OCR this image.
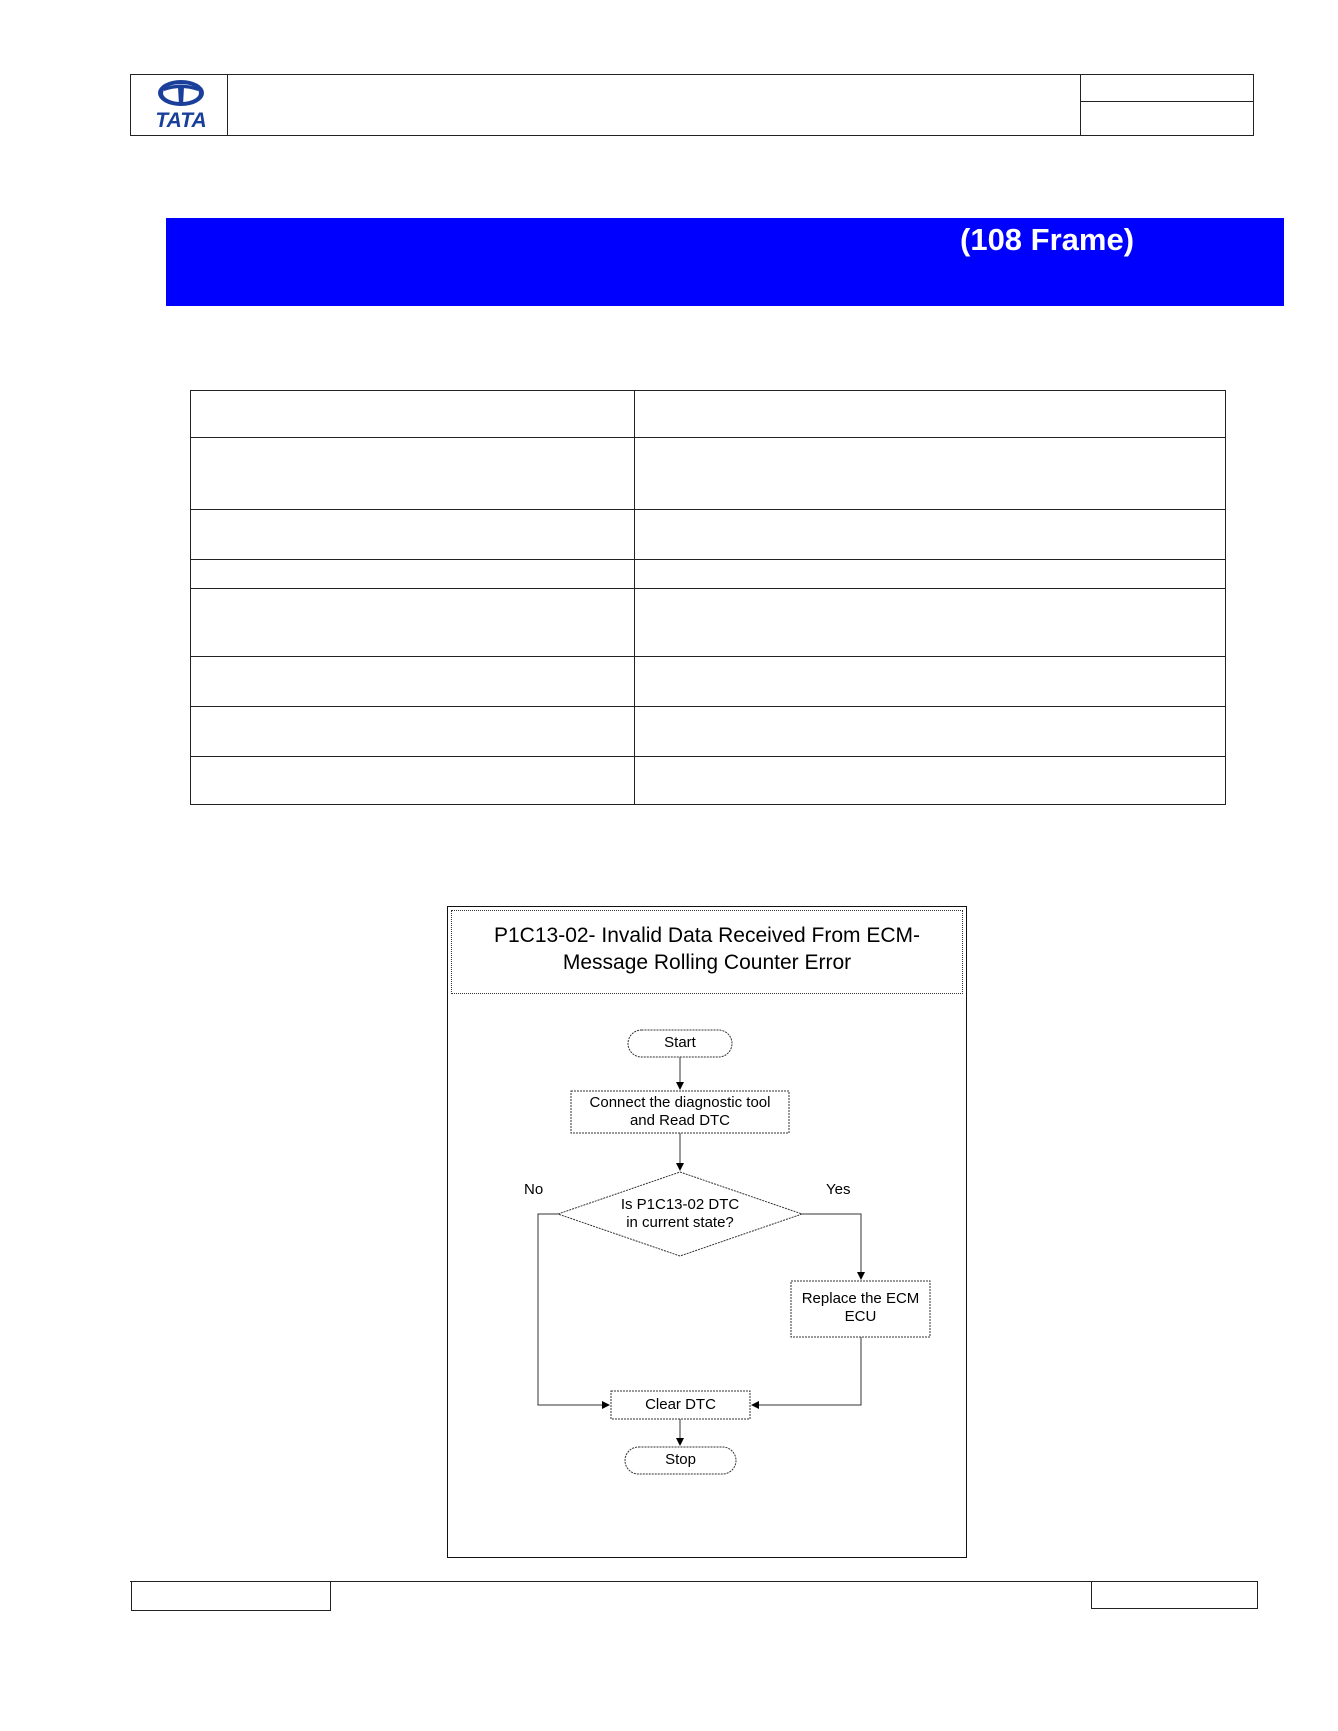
TATA
(108 Frame)

P1C13-02- Invalid Data Received From ECM-
Message Rolling Counter Error
Start
Connect the diagnostic tool
and Read DTC
Is P1C13-02 DTC
in current state?
No	Yes
Replace the ECM
ECU
Clear DTC
Stop
